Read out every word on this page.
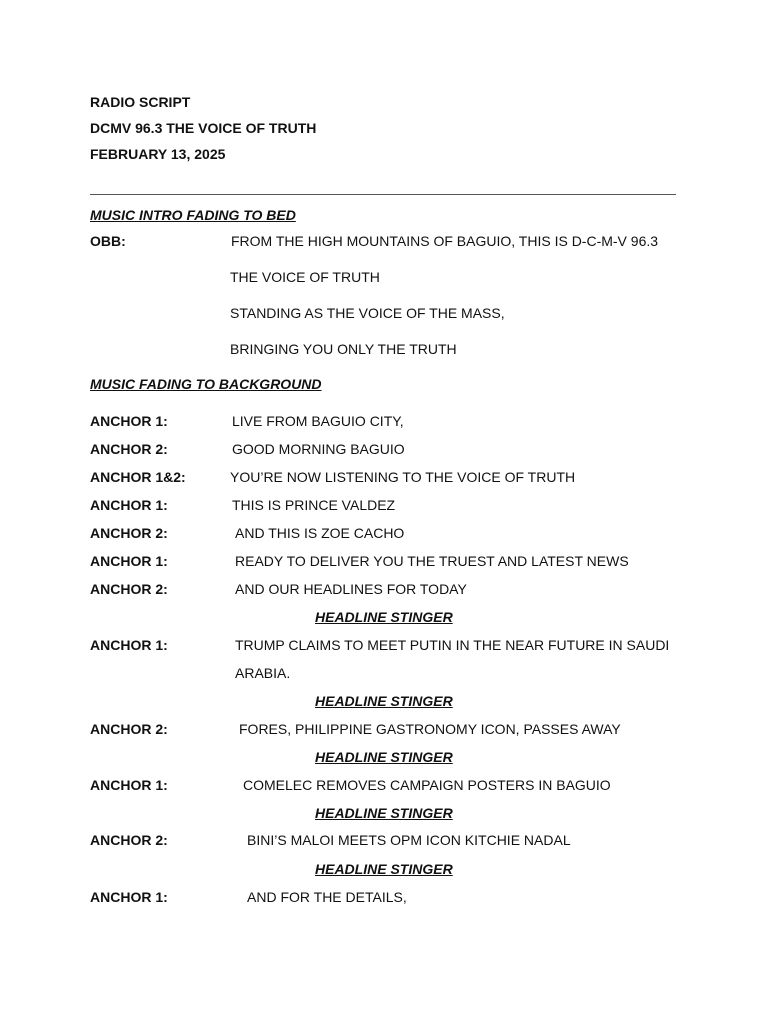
RADIO SCRIPT
DCMV 96.3 THE VOICE OF TRUTH
FEBRUARY 13, 2025
MUSIC INTRO FADING TO BED
OBB:	FROM THE HIGH MOUNTAINS OF BAGUIO, THIS IS D-C-M-V 96.3
THE VOICE OF TRUTH
STANDING AS THE VOICE OF THE MASS,
BRINGING YOU ONLY THE TRUTH
MUSIC FADING TO BACKGROUND
ANCHOR 1:	LIVE FROM BAGUIO CITY,
ANCHOR 2:	GOOD MORNING BAGUIO
ANCHOR 1&2:	YOU’RE NOW LISTENING TO THE VOICE OF TRUTH
ANCHOR 1:	THIS IS PRINCE VALDEZ
ANCHOR 2:	AND THIS IS ZOE CACHO
ANCHOR 1:	READY TO DELIVER YOU THE TRUEST AND LATEST NEWS
ANCHOR 2:	AND OUR HEADLINES FOR TODAY
HEADLINE STINGER
ANCHOR 1:	TRUMP CLAIMS TO MEET PUTIN IN THE NEAR FUTURE IN SAUDI
ARABIA.
HEADLINE STINGER
ANCHOR 2:	FORES, PHILIPPINE GASTRONOMY ICON, PASSES AWAY
HEADLINE STINGER
ANCHOR 1:	COMELEC REMOVES CAMPAIGN POSTERS IN BAGUIO
HEADLINE STINGER
ANCHOR 2:	BINI’S MALOI MEETS OPM ICON KITCHIE NADAL
HEADLINE STINGER
ANCHOR 1:	AND FOR THE DETAILS,
